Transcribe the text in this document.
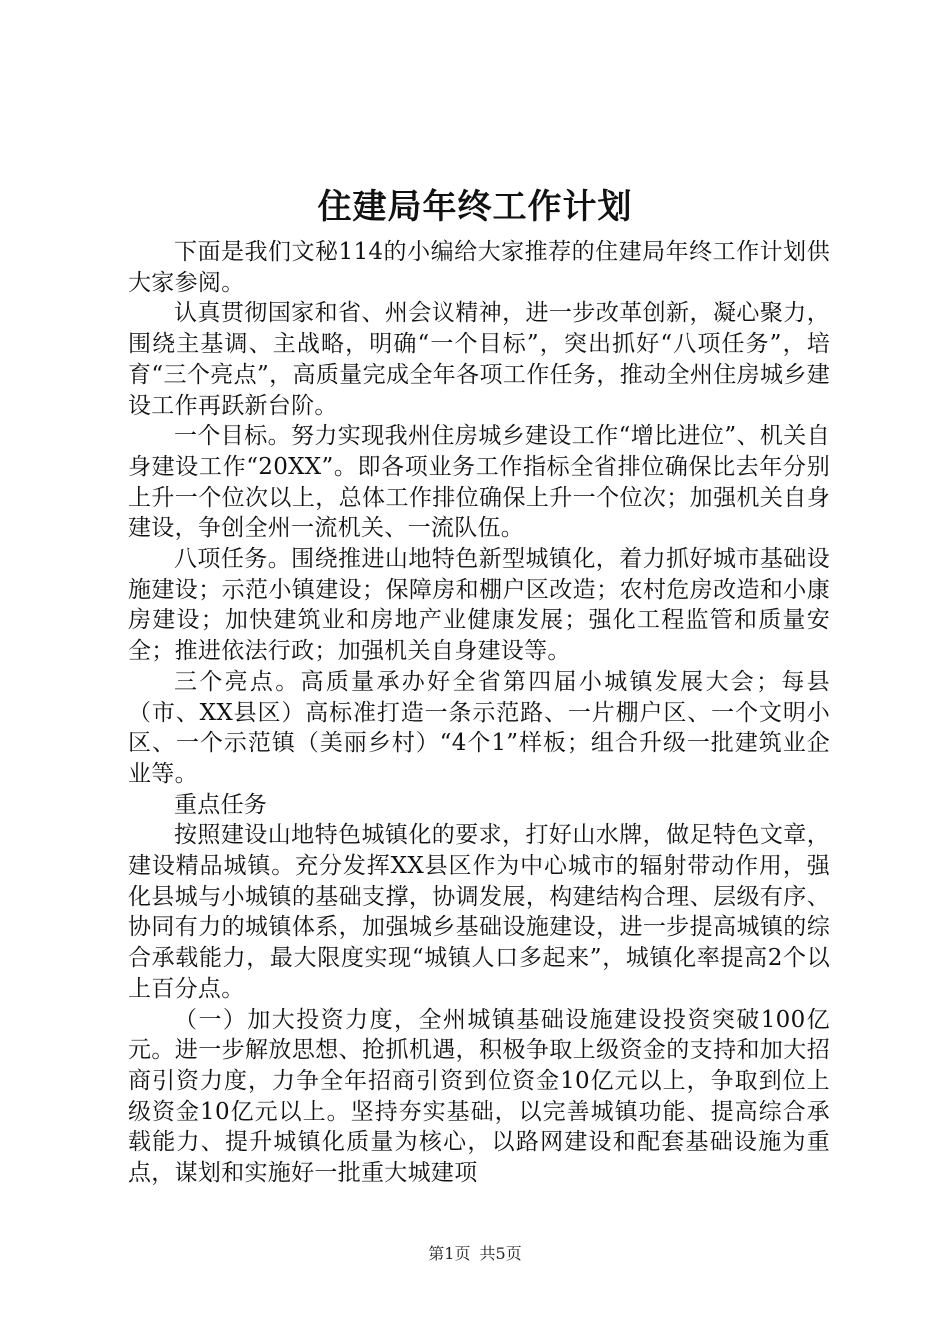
住建局年终工作计划

下面是我们文秘114的小编给大家推荐的住建局年终工作计划供大家参阅。

认真贯彻国家和省、州会议精神，进一步改革创新，凝心聚力，围绕主基调、主战略，明确“一个目标”，突出抓好“八项任务”，培育“三个亮点”，高质量完成全年各项工作任务，推动全州住房城乡建设工作再跃新台阶。

一个目标。努力实现我州住房城乡建设工作“增比进位”、机关自身建设工作“20XX”。即各项业务工作指标全省排位确保比去年分别上升一个位次以上，总体工作排位确保上升一个位次；加强机关自身建设，争创全州一流机关、一流队伍。

八项任务。围绕推进山地特色新型城镇化，着力抓好城市基础设施建设；示范小镇建设；保障房和棚户区改造；农村危房改造和小康房建设；加快建筑业和房地产业健康发展；强化工程监管和质量安全；推进依法行政；加强机关自身建设等。

三个亮点。高质量承办好全省第四届小城镇发展大会；每县（市、XX县区）高标准打造一条示范路、一片棚户区、一个文明小区、一个示范镇（美丽乡村）“4个1”样板；组合升级一批建筑业企业等。

重点任务

按照建设山地特色城镇化的要求，打好山水牌，做足特色文章，建设精品城镇。充分发挥XX县区作为中心城市的辐射带动作用，强化县城与小城镇的基础支撑，协调发展，构建结构合理、层级有序、协同有力的城镇体系，加强城乡基础设施建设，进一步提高城镇的综合承载能力，最大限度实现“城镇人口多起来”，城镇化率提高2个以上百分点。

（一）加大投资力度，全州城镇基础设施建设投资突破100亿元。进一步解放思想、抢抓机遇，积极争取上级资金的支持和加大招商引资力度，力争全年招商引资到位资金10亿元以上，争取到位上级资金10亿元以上。坚持夯实基础，以完善城镇功能、提高综合承载能力、提升城镇化质量为核心，以路网建设和配套基础设施为重点，谋划和实施好一批重大城建项

第1页 共5页
